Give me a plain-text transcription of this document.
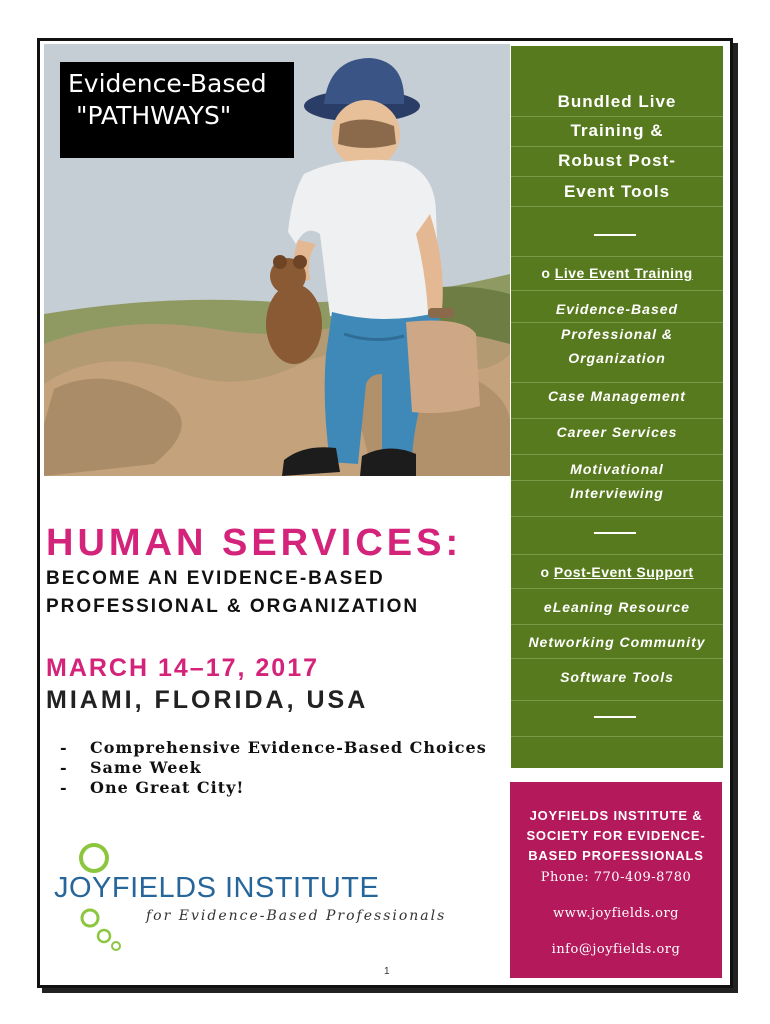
Evidence-Based
"PATHWAYS"	Bundled Live
Training &
Robust Post-
Event Tools
o Live Event Training
Evidence-Based
Professional &
Organization
Case Management
Career Services
Motivational
Interviewing
o Post-Event Support
eLeaning Resource
Networking Community
Software Tools
HUMAN SERVICES:
BECOME AN EVIDENCE-BASED
PROFESSIONAL & ORGANIZATION
MARCH 14–17, 2017
MIAMI, FLORIDA, USA
- Comprehensive Evidence-Based Choices
- Same Week
- One Great City!
JOYFIELDS INSTITUTE
for Evidence-Based Professionals
1
JOYFIELDS INSTITUTE &
SOCIETY FOR EVIDENCE-
BASED PROFESSIONALS
Phone: 770-409-8780
www.joyfields.org
info@joyfields.org
